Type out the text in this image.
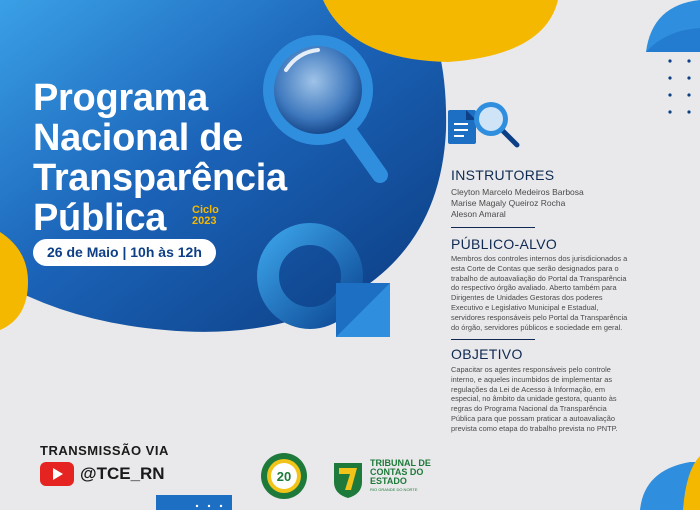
20
Programa
Nacional de
Transparência
Pública	Ciclo
2023
26 de Maio | 10h às 12h
INSTRUTORES
Cleyton Marcelo Medeiros Barbosa
Marise Magaly Queiroz Rocha
Aleson Amaral
PÚBLICO-ALVO
Membros dos controles internos dos jurisdicionados a
esta Corte de Contas que serão designados para o
trabalho de autoavaliação do Portal da Transparência
do respectivo órgão avaliado. Aberto também para
Dirigentes de Unidades Gestoras dos poderes
Executivo e Legislativo Municipal e Estadual,
servidores responsáveis pelo Portal da Transparência
do órgão, servidores públicos e sociedade em geral.
OBJETIVO
Capacitar os agentes responsáveis pelo controle
interno, e aqueles incumbidos de implementar as
regulações da Lei de Acesso à Informação, em
especial, no âmbito da unidade gestora, quanto às
regras do Programa Nacional da Transparência
Pública para que possam praticar a autoavaliação
prevista como etapa do trabalho prevista no PNTP.
TRANSMISSÃO VIA
@TCE_RN
TRIBUNAL DE
CONTAS DO
ESTADO
RIO GRANDE DO NORTE
